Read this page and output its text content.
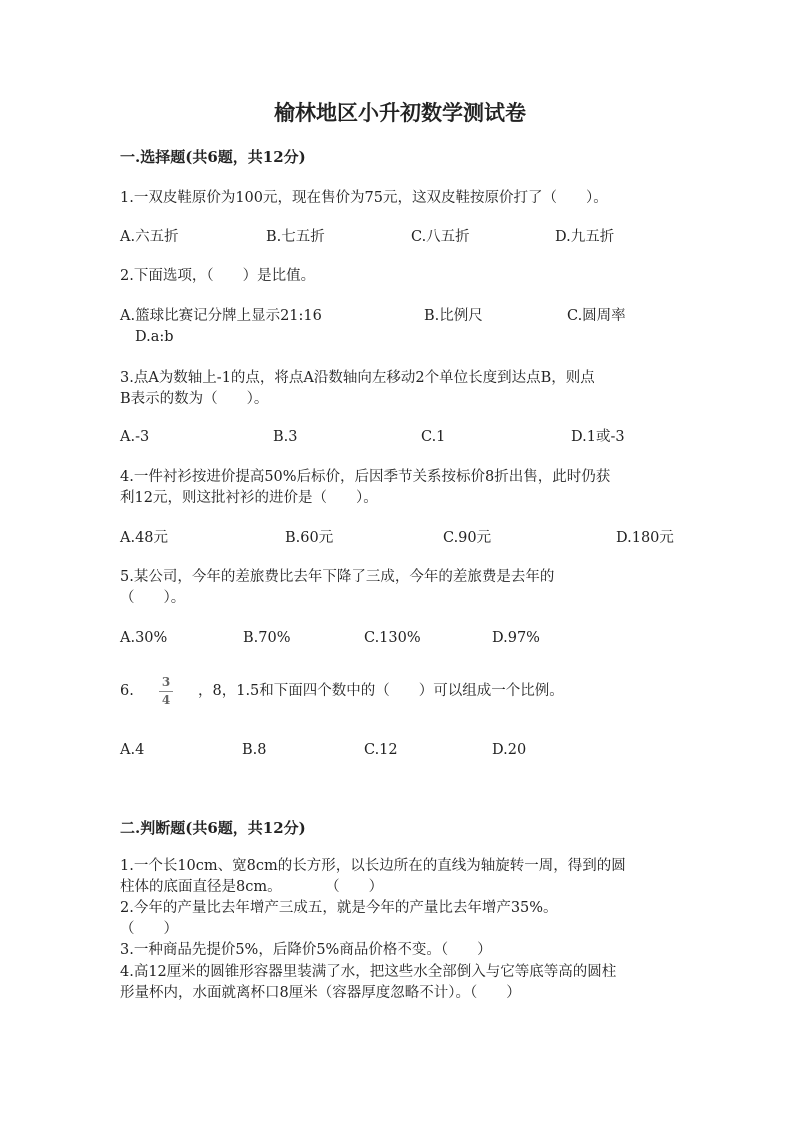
榆林地区小升初数学测试卷
一.选择题(共6题，共12分)
1.一双皮鞋原价为100元，现在售价为75元，这双皮鞋按原价打了（　　）。
A.六五折	B.七五折	C.八五折	D.九五折
2.下面选项，（　　）是比值。
A.篮球比赛记分牌上显示21:16	B.比例尺	C.圆周率
D.a:b
3.点A为数轴上-1的点，将点A沿数轴向左移动2个单位长度到达点B，则点
B表示的数为（　　）。
A.-3	B.3	C.1	D.1或-3
4.一件衬衫按进价提高50%后标价，后因季节关系按标价8折出售，此时仍获
利12元，则这批衬衫的进价是（　　）。
A.48元	B.60元	C.90元	D.180元
5.某公司，今年的差旅费比去年下降了三成，今年的差旅费是去年的
（　　）。
A.30%	B.70%	C.130%	D.97%
6.
3
4
，8，1.5和下面四个数中的（　　）可以组成一个比例。
A.4	B.8	C.12	D.20
二.判断题(共6题，共12分)
1.一个长10cm、宽8cm的长方形，以长边所在的直线为轴旋转一周，得到的圆
柱体的底面直径是8cm。　　　　（　　）
2.今年的产量比去年增产三成五，就是今年的产量比去年增产35%。
（　　）
3.一种商品先提价5%，后降价5%商品价格不变。（　　）
4.高12厘米的圆锥形容器里装满了水，把这些水全部倒入与它等底等高的圆柱
形量杯内，水面就离杯口8厘米（容器厚度忽略不计）。（　　）
